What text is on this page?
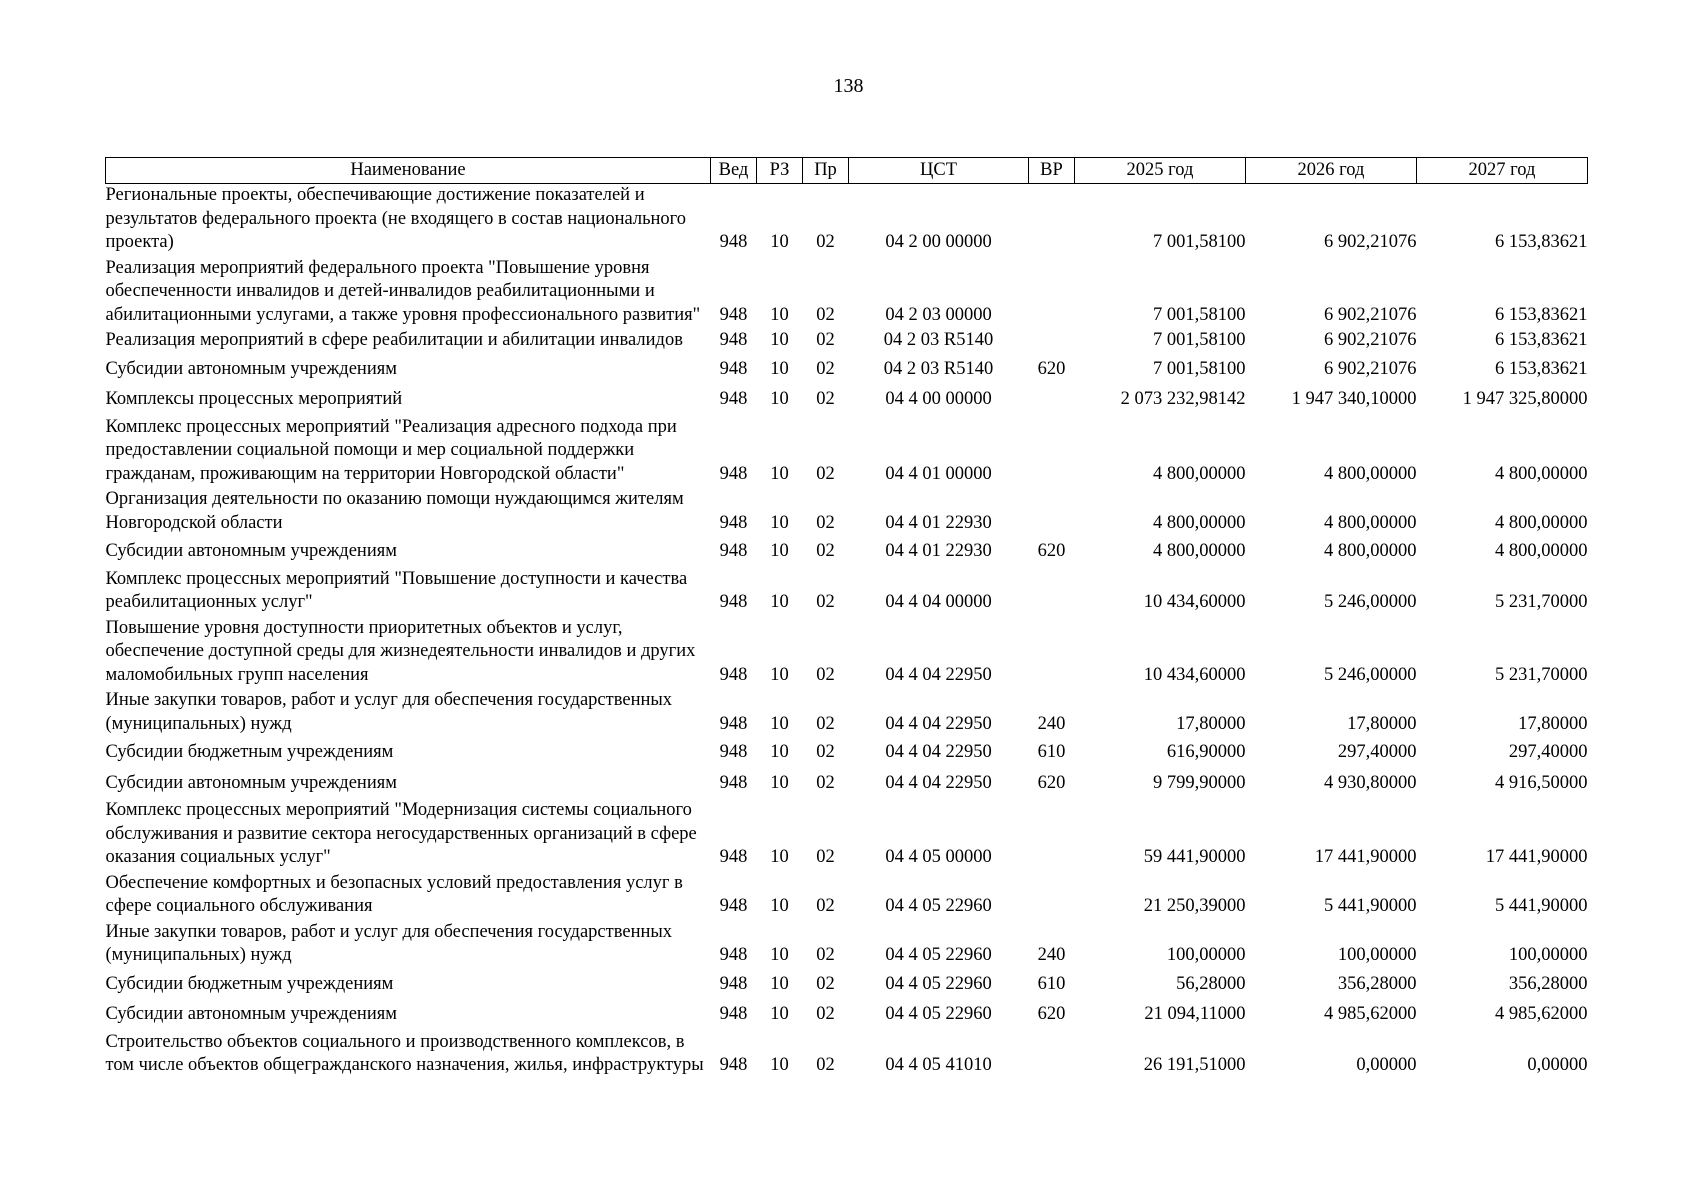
138
Наименование	Вед	РЗ	Пр	ЦСТ	ВР	2025 год	2026 год	2027 год
Региональные проекты, обеспечивающие достижение показателей и результатов федерального проекта (не входящего в состав национального проекта)	948	10	02	04 2 00 00000		7 001,58100	6 902,21076	6 153,83621
Реализация мероприятий федерального проекта "Повышение уровня обеспеченности инвалидов и детей-инвалидов реабилитационными и абилитационными услугами, а также уровня профессионального развития"	948	10	02	04 2 03 00000		7 001,58100	6 902,21076	6 153,83621
Реализация мероприятий в сфере реабилитации и абилитации инвалидов	948	10	02	04 2 03 R5140		7 001,58100	6 902,21076	6 153,83621
Субсидии автономным учреждениям	948	10	02	04 2 03 R5140	620	7 001,58100	6 902,21076	6 153,83621
Комплексы процессных мероприятий	948	10	02	04 4 00 00000		2 073 232,98142	1 947 340,10000	1 947 325,80000
Комплекс процессных мероприятий "Реализация адресного подхода при предоставлении социальной помощи и мер социальной поддержки гражданам, проживающим на территории Новгородской области"	948	10	02	04 4 01 00000		4 800,00000	4 800,00000	4 800,00000
Организация деятельности по оказанию помощи нуждающимся жителям Новгородской области	948	10	02	04 4 01 22930		4 800,00000	4 800,00000	4 800,00000
Субсидии автономным учреждениям	948	10	02	04 4 01 22930	620	4 800,00000	4 800,00000	4 800,00000
Комплекс процессных мероприятий "Повышение доступности и качества реабилитационных услуг"	948	10	02	04 4 04 00000		10 434,60000	5 246,00000	5 231,70000
Повышение уровня доступности приоритетных объектов и услуг, обеспечение доступной среды для жизнедеятельности инвалидов и других маломобильных групп населения	948	10	02	04 4 04 22950		10 434,60000	5 246,00000	5 231,70000
Иные закупки товаров, работ и услуг для обеспечения государственных (муниципальных) нужд	948	10	02	04 4 04 22950	240	17,80000	17,80000	17,80000
Субсидии бюджетным учреждениям	948	10	02	04 4 04 22950	610	616,90000	297,40000	297,40000
Субсидии автономным учреждениям	948	10	02	04 4 04 22950	620	9 799,90000	4 930,80000	4 916,50000
Комплекс процессных мероприятий "Модернизация системы социального обслуживания и развитие сектора негосударственных организаций в сфере оказания социальных услуг"	948	10	02	04 4 05 00000		59 441,90000	17 441,90000	17 441,90000
Обеспечение комфортных и безопасных условий предоставления услуг в сфере социального обслуживания	948	10	02	04 4 05 22960		21 250,39000	5 441,90000	5 441,90000
Иные закупки товаров, работ и услуг для обеспечения государственных (муниципальных) нужд	948	10	02	04 4 05 22960	240	100,00000	100,00000	100,00000
Субсидии бюджетным учреждениям	948	10	02	04 4 05 22960	610	56,28000	356,28000	356,28000
Субсидии автономным учреждениям	948	10	02	04 4 05 22960	620	21 094,11000	4 985,62000	4 985,62000
Строительство объектов социального и производственного комплексов, в том числе объектов общегражданского назначения, жилья, инфраструктуры	948	10	02	04 4 05 41010		26 191,51000	0,00000	0,00000
